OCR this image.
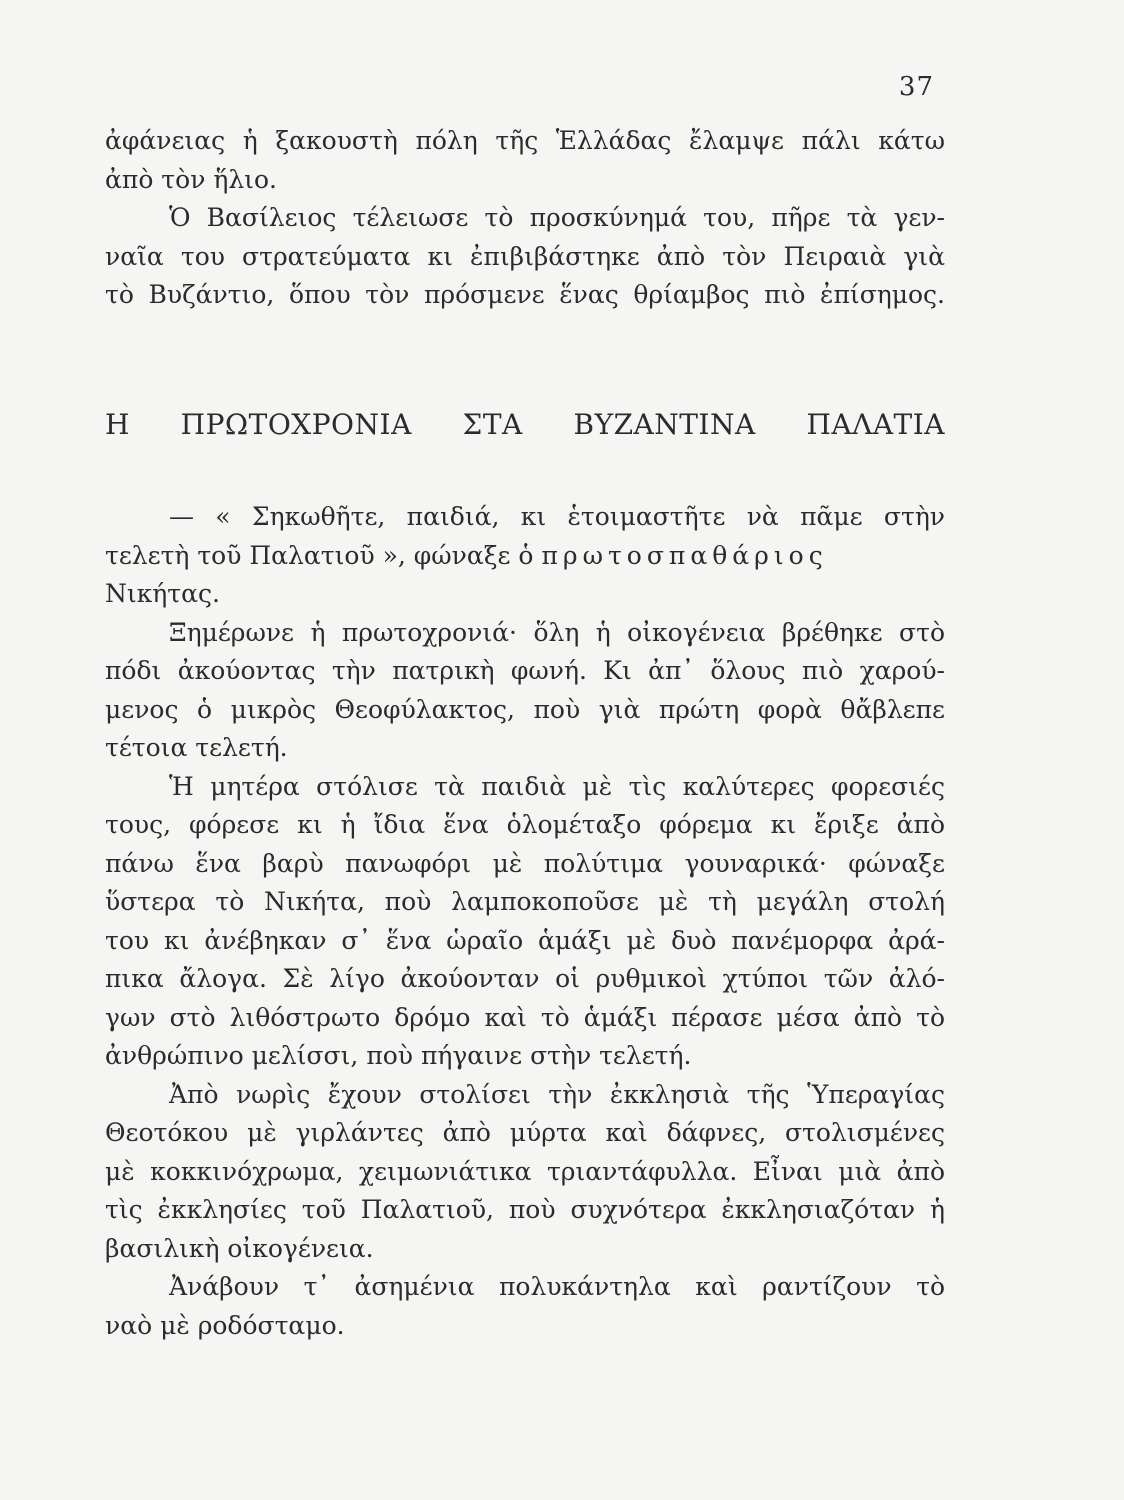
37
ἀφάνειας ἡ ξακουστὴ πόλη τῆς Ἑλλάδας ἔλαμψε πάλι κάτω
ἀπὸ τὸν ἥλιο.
Ὁ Βασίλειος τέλειωσε τὸ προσκύνημά του, πῆρε τὰ γεν-
ναῖα του στρατεύματα κι ἐπιβιβάστηκε ἀπὸ τὸν Πειραιὰ γιὰ
τὸ Βυζάντιο, ὅπου τὸν πρόσμενε ἕνας θρίαμβος πιὸ ἐπίσημος.
Η ΠΡΩΤΟΧΡΟΝΙΑ ΣΤΑ ΒΥΖΑΝΤΙΝΑ ΠΑΛΑΤΙΑ
— « Σηκωθῆτε, παιδιά, κι ἑτοιμαστῆτε νὰ πᾶμε στὴν
τελετὴ τοῦ Παλατιοῦ », φώναξε ὁ πρωτοσπαθάριος
Νικήτας.
Ξημέρωνε ἡ πρωτοχρονιά· ὅλη ἡ οἰκογένεια βρέθηκε στὸ
πόδι ἀκούοντας τὴν πατρικὴ φωνή. Κι ἀπ᾽ ὅλους πιὸ χαρού-
μενος ὁ μικρὸς Θεοφύλακτος, ποὺ γιὰ πρώτη φορὰ θἄβλεπε
τέτοια τελετή.
Ἡ μητέρα στόλισε τὰ παιδιὰ μὲ τὶς καλύτερες φορεσιές
τους, φόρεσε κι ἡ ἴδια ἕνα ὁλομέταξο φόρεμα κι ἔριξε ἀπὸ
πάνω ἕνα βαρὺ πανωφόρι μὲ πολύτιμα γουναρικά· φώναξε
ὕστερα τὸ Νικήτα, ποὺ λαμποκοποῦσε μὲ τὴ μεγάλη στολή
του κι ἀνέβηκαν σ᾽ ἕνα ὡραῖο ἁμάξι μὲ δυὸ πανέμορφα ἀρά-
πικα ἄλογα. Σὲ λίγο ἀκούονταν οἱ ρυθμικοὶ χτύποι τῶν ἀλό-
γων στὸ λιθόστρωτο δρόμο καὶ τὸ ἁμάξι πέρασε μέσα ἀπὸ τὸ
ἀνθρώπινο μελίσσι, ποὺ πήγαινε στὴν τελετή.
Ἀπὸ νωρὶς ἔχουν στολίσει τὴν ἐκκλησιὰ τῆς Ὑπεραγίας
Θεοτόκου μὲ γιρλάντες ἀπὸ μύρτα καὶ δάφνες, στολισμένες
μὲ κοκκινόχρωμα, χειμωνιάτικα τριαντάφυλλα. Εἶναι μιὰ ἀπὸ
τὶς ἐκκλησίες τοῦ Παλατιοῦ, ποὺ συχνότερα ἐκκλησιαζόταν ἡ
βασιλικὴ οἰκογένεια.
Ἀνάβουν τ᾽ ἀσημένια πολυκάντηλα καὶ ραντίζουν τὸ
ναὸ μὲ ροδόσταμο.
